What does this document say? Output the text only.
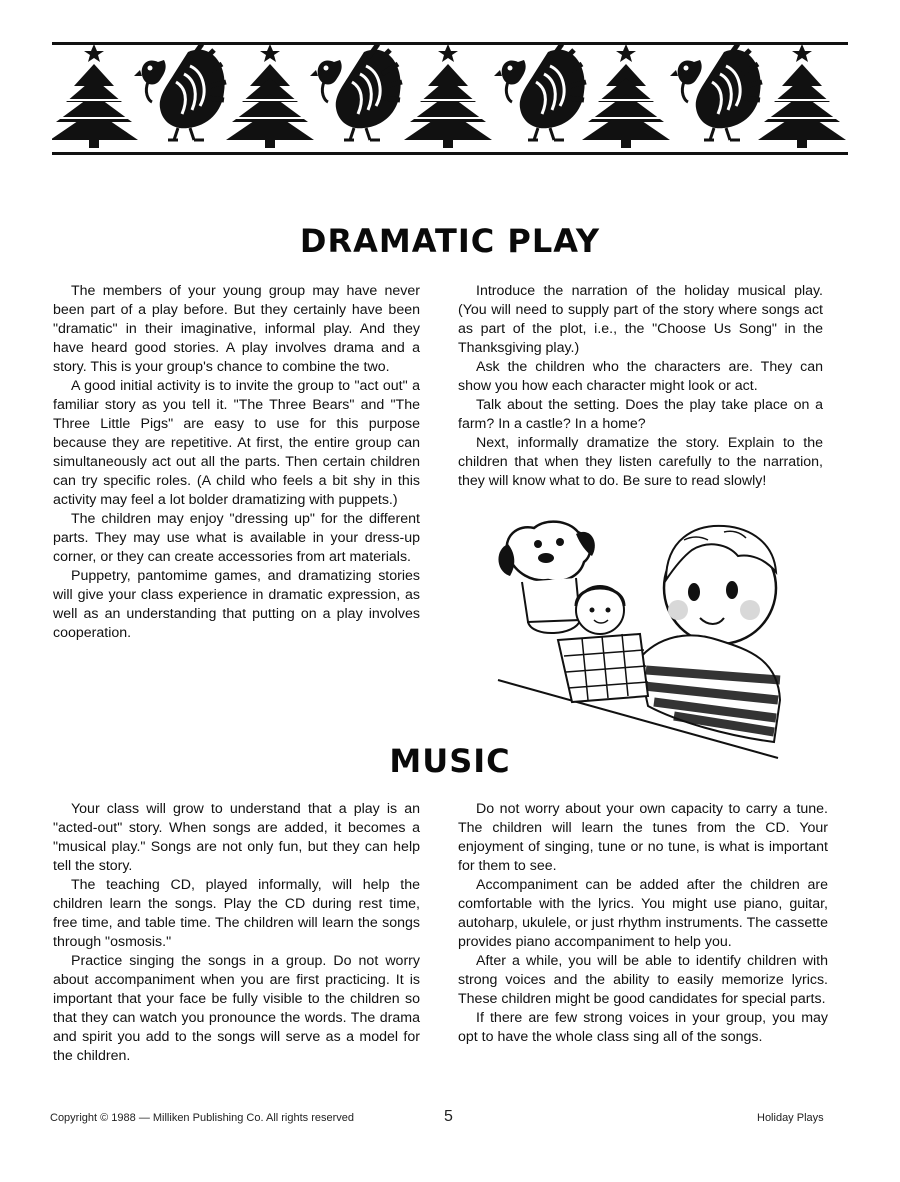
DRAMATIC PLAY

The members of your young group may have never been part of a play before. But they certainly have been "dramatic" in their imaginative, informal play. And they have heard good stories. A play involves drama and a story. This is your group's chance to combine the two.

A good initial activity is to invite the group to "act out" a familiar story as you tell it. "The Three Bears" and "The Three Little Pigs" are easy to use for this purpose because they are repetitive. At first, the entire group can simultaneously act out all the parts. Then certain children can try specific roles. (A child who feels a bit shy in this activity may feel a lot bolder dramatizing with puppets.)

The children may enjoy "dressing up" for the different parts. They may use what is available in your dress-up corner, or they can create accessories from art materials.

Puppetry, pantomime games, and dramatizing stories will give your class experience in dramatic expression, as well as an understanding that putting on a play involves cooperation.

Introduce the narration of the holiday musical play. (You will need to supply part of the story where songs act as part of the plot, i.e., the "Choose Us Song" in the Thanksgiving play.)

Ask the children who the characters are. They can show you how each character might look or act.

Talk about the setting. Does the play take place on a farm? In a castle? In a home?

Next, informally dramatize the story. Explain to the children that when they listen carefully to the narration, they will know what to do. Be sure to read slowly!

MUSIC

Your class will grow to understand that a play is an "acted-out" story. When songs are added, it becomes a "musical play." Songs are not only fun, but they can help tell the story.

The teaching CD, played informally, will help the children learn the songs. Play the CD during rest time, free time, and table time. The children will learn the songs through "osmosis."

Practice singing the songs in a group. Do not worry about accompaniment when you are first practicing. It is important that your face be fully visible to the children so that they can watch you pronounce the words. The drama and spirit you add to the songs will serve as a model for the children.

Do not worry about your own capacity to carry a tune. The children will learn the tunes from the CD. Your enjoyment of singing, tune or no tune, is what is important for them to see.

Accompaniment can be added after the children are comfortable with the lyrics. You might use piano, guitar, autoharp, ukulele, or just rhythm instruments. The cassette provides piano accompaniment to help you.

After a while, you will be able to identify children with strong voices and the ability to easily memorize lyrics. These children might be good candidates for special parts.

If there are few strong voices in your group, you may opt to have the whole class sing all of the songs.

Copyright © 1988 — Milliken Publishing Co. All rights reserved	5	Holiday Plays
